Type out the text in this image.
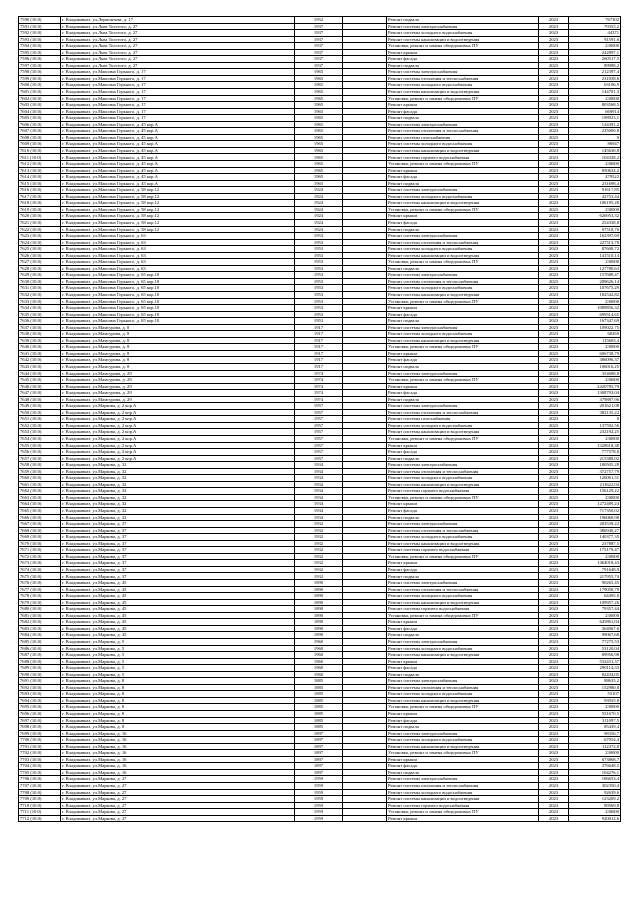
7590 (10.0)	г. Владикавказ, ул.Лермонтова, д. 17	1952		Ремонт подвала	2023	767302
7591 (10.0)	г. Владикавказ, ул.Льва Толстого, д. 27	1937		Ремонт системы электроснабжения	2023	79355,2
7592 (10.0)	г. Владикавказ, ул.Льва Толстого, д. 27	1937		Ремонт системы холодного водоснабжения	2023	44371
7593 (10.0)	г. Владикавказ, ул.Льва Толстого, д. 27	1937		Ремонт системы канализации и водоотведения	2023	91591,6
7594 (10.0)	г. Владикавказ, ул.Льва Толстого, д. 27	1937		Установка, ремонт и замена общедомовых ПУ	2023	230000
7595 (10.0)	г. Владикавказ, ул.Льва Толстого, д. 27	1937		Ремонт крыши	2023	242897,1
7596 (10.0)	г. Владикавказ, ул.Льва Толстого, д. 27	1937		Ремонт фасада	2023	260517,5
7597 (10.0)	г. Владикавказ, ул.Льва Толстого, д. 27	1937		Ремонт подвала	2023	89988,2
7598 (10.0)	г. Владикавказ, ул.Максима Горького, д. 17	1965		Ремонт системы электроснабжения	2023	212397,4
7599 (10.0)	г. Владикавказ, ул.Максима Горького, д. 17	1965		Ремонт системы отопления и теплоснабжения	2023	231058,6
7600 (10.0)	г. Владикавказ, ул.Максима Горького, д. 17	1965		Ремонт системы холодного водоснабжения	2023	63106,9
7601 (10.0)	г. Владикавказ, ул.Максима Горького, д. 17	1965		Ремонт системы канализации и водоотведения	2023	144701,3
7602 (10.0)	г. Владикавказ, ул.Максима Горького, д. 17	1965		Установка, ремонт и замена общедомовых ПУ	2023	230000
7603 (10.0)	г. Владикавказ, ул.Максима Горького, д. 17	1965		Ремонт крыши	2023	803568,5
7604 (10.0)	г. Владикавказ, ул.Максима Горького, д. 17	1965		Ремонт фасада	2023	669914
7605 (10.0)	г. Владикавказ, ул.Максима Горького, д. 17	1965		Ремонт подвала	2023	198923,1
7606 (10.0)	г. Владикавказ, ул.Максима Горького, д. 45 кор.А	1965		Ремонт системы электроснабжения	2023	124391,2
7607 (10.0)	г. Владикавказ, ул.Максима Горького, д. 45 кор.А	1965		Ремонт системы отопления и теплоснабжения	2023	235000,8
7608 (10.0)	г. Владикавказ, ул.Максима Горького, д. 45 кор.А	1965		Ремонт системы газоснабжения	2023	0
7609 (10.0)	г. Владикавказ, ул.Максима Горького, д. 45 кор.А	1965		Ремонт системы холодного водоснабжения	2023	86947
7610 (10.0)	г. Владикавказ, ул.Максима Горького, д. 45 кор.А	1965		Ремонт системы канализации и водоотведения	2023	145630,8
7611 (10.0)	г. Владикавказ, ул.Максима Горького, д. 45 кор.А	1965		Ремонт системы горячего водоснабжения	2023	104328,2
7612 (10.0)	г. Владикавказ, ул.Максима Горького, д. 45 кор.А	1965		Установка, ремонт и замена общедомовых ПУ	2023	230000
7613 (10.0)	г. Владикавказ, ул.Максима Горького, д. 45 кор.А	1965		Ремонт крыши	2023	850634,2
7614 (10.0)	г. Владикавказ, ул.Максима Горького, д. 45 кор.А	1965		Ремонт фасада	2023	479522
7615 (10.0)	г. Владикавказ, ул.Максима Горького, д. 45 кор.А	1965		Ремонт подвала	2023	231698,4
7616 (10.0)	г. Владикавказ, ул.Максима Горького, д. 58 кор.12	1924		Ремонт системы электроснабжения	2023	91617,85
7617 (10.0)	г. Владикавказ, ул.Максима Горького, д. 58 кор.12	1924		Ремонт системы холодного водоснабжения	2023	42753,44
7618 (10.0)	г. Владикавказ, ул.Максима Горького, д. 58 кор.12	1924		Ремонт системы канализации и водоотведения	2023	106195,28
7619 (10.0)	г. Владикавказ, ул.Максима Горького, д. 58 кор.12	1924		Установка, ремонт и замена общедомовых ПУ	2023	230000
7620 (10.0)	г. Владикавказ, ул.Максима Горького, д. 58 кор.12	1924		Ремонт крыши	2023	626953,32
7621 (10.0)	г. Владикавказ, ул.Максима Горького, д. 58 кор.12	1924		Ремонт фасада	2023	254338,8
7622 (10.0)	г. Владикавказ, ул.Максима Горького, д. 58 кор.12	1924		Ремонт подвала	2023	97518,76
7623 (10.0)	г. Владикавказ, ул.Максима Горького, д. 63	1953		Ремонт системы электроснабжения	2023	162397,69
7624 (10.0)	г. Владикавказ, ул.Максима Горького, д. 63	1953		Ремонт системы отопления и теплоснабжения	2023	227513,78
7625 (10.0)	г. Владикавказ, ул.Максима Горького, д. 63	1953		Ремонт системы холодного водоснабжения	2023	87608,72
7626 (10.0)	г. Владикавказ, ул.Максима Горького, д. 63	1953		Ремонт системы канализации и водоотведения	2023	141510,14
7627 (10.0)	г. Владикавказ, ул.Максима Горького, д. 63	1953		Установка, ремонт и замена общедомовых ПУ	2023	230000
7628 (10.0)	г. Владикавказ, ул.Максима Горького, д. 63	1953		Ремонт подвала	2023	127780,63
7629 (10.0)	г. Владикавказ, ул.Максима Горького, д. 65 кор.10	1953		Ремонт системы электроснабжения	2023	157688,47
7630 (10.0)	г. Владикавказ, ул.Максима Горького, д. 65 кор.10	1953		Ремонт системы отопления и теплоснабжения	2023	209626,14
7631 (10.0)	г. Владикавказ, ул.Максима Горького, д. 65 кор.10	1953		Ремонт системы холодного водоснабжения	2023	107675,29
7632 (10.0)	г. Владикавказ, ул.Максима Горького, д. 65 кор.10	1953		Ремонт системы канализации и водоотведения	2023	182542,82
7633 (10.0)	г. Владикавказ, ул.Максима Горького, д. 65 кор.10	1953		Установка, ремонт и замена общедомовых ПУ	2023	230000
7634 (10.0)	г. Владикавказ, ул.Максима Горького, д. 65 кор.10	1953		Ремонт крыши	2023	1089856,32
7635 (10.0)	г. Владикавказ, ул.Максима Горького, д. 65 кор.10	1953		Ремонт фасада	2023	699314,65
7636 (10.0)	г. Владикавказ, ул.Максима Горького, д. 65 кор.10	1953		Ремонт подвала	2023	167347,69
7637 (10.0)	г. Владикавказ, ул.Мамсурова, д. 8	1917		Ремонт системы электроснабжения	2023	109022,75
7638 (10.0)	г. Владикавказ, ул.Мамсурова, д. 8	1917		Ремонт системы холодного водоснабжения	2023	68269
7639 (10.0)	г. Владикавказ, ул.Мамсурова, д. 8	1917		Ремонт системы канализации и водоотведения	2023	115603,4
7640 (10.0)	г. Владикавказ, ул.Мамсурова, д. 8	1917		Установка, ремонт и замена общедомовых ПУ	2023	230000
7641 (10.0)	г. Владикавказ, ул.Мамсурова, д. 8	1917		Ремонт крыши	2023	606738,79
7642 (10.0)	г. Владикавказ, ул.Мамсурова, д. 8	1917		Ремонт фасада	2023	386096,37
7643 (10.0)	г. Владикавказ, ул.Мамсурова, д. 8	1917		Ремонт подвала	2023	106016,25
7644 (10.0)	г. Владикавказ, ул.Мамсурова, д. 29	1974		Ремонт системы электроснабжения	2023	354688,8
7645 (10.0)	г. Владикавказ, ул.Мамсурова, д. 29	1974		Установка, ремонт и замена общедомовых ПУ	2023	230000
7646 (10.0)	г. Владикавказ, ул.Мамсурова, д. 29	1974		Ремонт крыши	2023	2420785,79
7647 (10.0)	г. Владикавказ, ул.Мамсурова, д. 29	1974		Ремонт фасада	2023	1308793,04
7648 (10.0)	г. Владикавказ, ул.Мамсурова, д. 29	1974		Ремонт подвала	2023	379887,96
7649 (10.0)	г. Владикавказ, ул.Маркова, д. 2 кор.А	1957		Ремонт системы электроснабжения	2023	201621,08
7650 (10.0)	г. Владикавказ, ул.Маркова, д. 2 кор.А	1957		Ремонт системы отопления и теплоснабжения	2023	382135,22
7651 (10.0)	г. Владикавказ, ул.Маркова, д. 2 кор.А	1957		Ремонт системы газоснабжения	2023	0
7652 (10.0)	г. Владикавказ, ул.Маркова, д. 2 кор.А	1957		Ремонт системы холодного водоснабжения	2023	137592,56
7653 (10.0)	г. Владикавказ, ул.Маркова, д. 2 кор.А	1957		Ремонт системы канализации и водоотведения	2023	232192,25
7654 (10.0)	г. Владикавказ, ул.Маркова, д. 2 кор.А	1957		Установка, ремонт и замена общедомовых ПУ	2023	230000
7655 (10.0)	г. Владикавказ, ул.Маркова, д. 2 кор.А	1957		Ремонт крыши	2023	1328618,38
7656 (10.0)	г. Владикавказ, ул.Маркова, д. 2 кор.А	1957		Ремонт фасада	2023	777578,8
7657 (10.0)	г. Владикавказ, ул.Маркова, д. 2 кор.А	1957		Ремонт подвала	2023	215388,02
7658 (10.0)	г. Владикавказ, ул.Маркова, д. 32	1934		Ремонт системы электроснабжения	2023	180505,28
7659 (10.0)	г. Владикавказ, ул.Маркова, д. 32	1934		Ремонт системы отопления и теплоснабжения	2023	372757,79
7660 (10.0)	г. Владикавказ, ул.Маркова, д. 32	1934		Ремонт системы холодного водоснабжения	2023	126061,51
7661 (10.0)	г. Владикавказ, ул.Маркова, д. 32	1934		Ремонт системы канализации и водоотведения	2023	211622,04
7662 (10.0)	г. Владикавказ, ул.Маркова, д. 32	1934		Ремонт системы горячего водоснабжения	2023	156129,22
7663 (10.0)	г. Владикавказ, ул.Маркова, д. 32	1934		Установка, ремонт и замена общедомовых ПУ	2023	230000
7664 (10.0)	г. Владикавказ, ул.Маркова, д. 32	1934		Ремонт крыши	2023	1272489,24
7665 (10.0)	г. Владикавказ, ул.Маркова, д. 32	1934		Ремонт фасада	2023	717350,02
7666 (10.0)	г. Владикавказ, ул.Маркова, д. 32	1934		Ремонт подвала	2023	196060,98
7667 (10.0)	г. Владикавказ, ул.Маркова, д. 37	1932		Ремонт системы электроснабжения	2023	203539,22
7668 (10.0)	г. Владикавказ, ул.Маркова, д. 37	1932		Ремонт системы отопления и теплоснабжения	2023	386940,27
7669 (10.0)	г. Владикавказ, ул.Маркова, д. 37	1932		Ремонт системы холодного водоснабжения	2023	140377,35
7670 (10.0)	г. Владикавказ, ул.Маркова, д. 37	1932		Ремонт системы канализации и водоотведения	2023	237887,5
7671 (10.0)	г. Владикавказ, ул.Маркова, д. 37	1932		Ремонт системы горячего водоснабжения	2023	175179,47
7672 (10.0)	г. Владикавказ, ул.Маркова, д. 37	1932		Установка, ремонт и замена общедомовых ПУ	2023	230000
7673 (10.0)	г. Владикавказ, ул.Маркова, д. 37	1932		Ремонт крыши	2023	1464018,43
7674 (10.0)	г. Владикавказ, ул.Маркова, д. 37	1932		Ремонт фасада	2023	791648,9
7675 (10.0)	г. Владикавказ, ул.Маркова, д. 37	1932		Ремонт подвала	2023	217955,74
7676 (10.0)	г. Владикавказ, ул.Маркова, д. 45	1890		Ремонт системы электроснабжения	2023	90265,45
7677 (10.0)	г. Владикавказ, ул.Маркова, д. 45	1890		Ремонт системы отопления и теплоснабжения	2023	179058,79
7678 (10.0)	г. Владикавказ, ул.Маркова, д. 45	1890		Ремонт системы холодного водоснабжения	2023	64495,8
7679 (10.0)	г. Владикавказ, ул.Маркова, д. 45	1890		Ремонт системы канализации и водоотведения	2023	109957,26
7680 (10.0)	г. Владикавказ, ул.Маркова, д. 45	1890		Ремонт системы горячего водоснабжения	2023	79357,44
7681 (10.0)	г. Владикавказ, ул.Маркова, д. 45	1890		Установка, ремонт и замена общедомовых ПУ	2023	230000
7682 (10.0)	г. Владикавказ, ул.Маркова, д. 45	1890		Ремонт крыши	2023	645861,04
7683 (10.0)	г. Владикавказ, ул.Маркова, д. 45	1890		Ремонт фасада	2023	364067,6
7684 (10.0)	г. Владикавказ, ул.Маркова, д. 45	1890		Ремонт подвала	2023	99067,68
7685 (10.0)	г. Владикавказ, ул.Маркова, д. 5	1960		Ремонт системы электроснабжения	2023	77275,53
7686 (10.0)	г. Владикавказ, ул.Маркова, д. 5	1960		Ремонт системы холодного водоснабжения	2023	53120,04
7687 (10.0)	г. Владикавказ, ул.Маркова, д. 5	1960		Ремонт системы канализации и водоотведения	2023	89956,98
7688 (10.0)	г. Владикавказ, ул.Маркова, д. 5	1960		Ремонт крыши	2023	532431,37
7689 (10.0)	г. Владикавказ, ул.Маркова, д. 5	1960		Ремонт фасада	2023	290114,33
7690 (10.0)	г. Владикавказ, ул.Маркова, д. 5	1960		Ремонт подвала	2023	82434,05
7691 (10.0)	г. Владикавказ, ул.Маркова, д. 8	1885		Ремонт системы электроснабжения	2023	88635,2
7692 (10.0)	г. Владикавказ, ул.Маркова, д. 8	1885		Ремонт системы отопления и теплоснабжения	2023	152980,8
7693 (10.0)	г. Владикавказ, ул.Маркова, д. 8	1885		Ремонт системы холодного водоснабжения	2023	55107
7694 (10.0)	г. Владикавказ, ул.Маркова, д. 8	1885		Ремонт системы канализации и водоотведения	2023	93935,8
7695 (10.0)	г. Владикавказ, ул.Маркова, д. 8	1885		Установка, ремонт и замена общедомовых ПУ	2023	230000
7696 (10.0)	г. Владикавказ, ул.Маркова, д. 8	1885		Ремонт крыши	2023	551670,5
7697 (10.0)	г. Владикавказ, ул.Маркова, д. 8	1885		Ремонт фасада	2023	311097,5
7698 (10.0)	г. Владикавказ, ул.Маркова, д. 8	1885		Ремонт подвала	2023	85439,4
7699 (10.0)	г. Владикавказ, ул.Маркова, д. 16	1897		Ремонт системы электроснабжения	2023	98356,7
7700 (10.0)	г. Владикавказ, ул.Маркова, д. 16	1897		Ремонт системы холодного водоснабжения	2023	67054,4
7701 (10.0)	г. Владикавказ, ул.Маркова, д. 16	1897		Ремонт системы канализации и водоотведения	2023	112372,8
7702 (10.0)	г. Владикавказ, ул.Маркова, д. 16	1897		Установка, ремонт и замена общедомовых ПУ	2023	230000
7703 (10.0)	г. Владикавказ, ул.Маркова, д. 16	1897		Ремонт крыши	2023	673868,7
7704 (10.0)	г. Владикавказ, ул.Маркова, д. 16	1897		Ремонт фасада	2023	376648,5
7705 (10.0)	г. Владикавказ, ул.Маркова, д. 16	1897		Ремонт подвала	2023	104276,1
7706 (10.0)	г. Владикавказ, ул.Маркова, д. 27	1959		Ремонт системы электроснабжения	2023	186653,4
7707 (10.0)	г. Владикавказ, ул.Маркова, д. 27	1959		Ремонт системы отопления и теплоснабжения	2023	302350,4
7708 (10.0)	г. Владикавказ, ул.Маркова, д. 27	1959		Ремонт системы холодного водоснабжения	2023	92639,6
7709 (10.0)	г. Владикавказ, ул.Маркова, д. 27	1959		Ремонт системы канализации и водоотведения	2023	123269,2
7710 (10.0)	г. Владикавказ, ул.Маркова, д. 27	1959		Ремонт системы горячего водоснабжения	2023	89569,8
7711 (10.0)	г. Владикавказ, ул.Маркова, д. 27	1959		Установка, ремонт и замена общедомовых ПУ	2023	230000
7712 (10.0)	г. Владикавказ, ул.Маркова, д. 27	1959		Ремонт крыши	2023	920012,6
